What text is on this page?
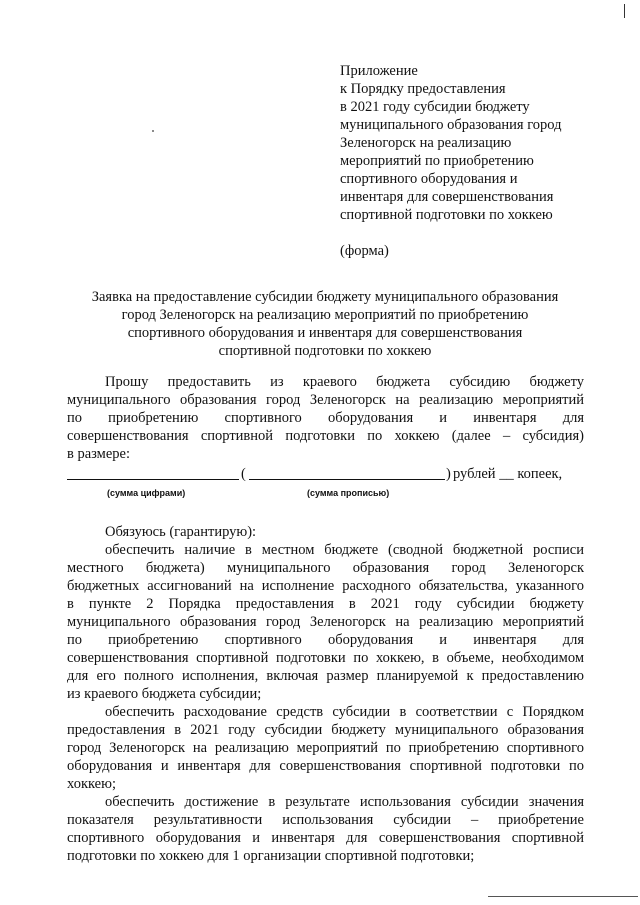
Приложение
к Порядку предоставления
в 2021 году субсидии бюджету
муниципального образования город
Зеленогорск на реализацию
мероприятий по приобретению
спортивного оборудования и
инвентаря для совершенствования
спортивной подготовки по хоккею
(форма)
Заявка на предоставление субсидии бюджету муниципального образования
город Зеленогорск на реализацию мероприятий по приобретению
спортивного оборудования и инвентаря для совершенствования
спортивной подготовки по хоккею
Прошу предоставить из краевого бюджета субсидию бюджету
муниципального образования город Зеленогорск на реализацию мероприятий
по приобретению спортивного оборудования и инвентаря для
совершенствования спортивной подготовки по хоккею (далее – субсидия)
в размере:
(	) рублей __ копеек,
(сумма цифрами)	(сумма прописью)
Обязуюсь (гарантирую):
обеспечить наличие в местном бюджете (сводной бюджетной росписи
местного бюджета) муниципального образования город Зеленогорск
бюджетных ассигнований на исполнение расходного обязательства, указанного
в пункте 2 Порядка предоставления в 2021 году субсидии бюджету
муниципального образования город Зеленогорск на реализацию мероприятий
по приобретению спортивного оборудования и инвентаря для
совершенствования спортивной подготовки по хоккею, в объеме, необходимом
для его полного исполнения, включая размер планируемой к предоставлению
из краевого бюджета субсидии;
обеспечить расходование средств субсидии в соответствии с Порядком
предоставления в 2021 году субсидии бюджету муниципального образования
город Зеленогорск на реализацию мероприятий по приобретению спортивного
оборудования и инвентаря для совершенствования спортивной подготовки по
хоккею;
обеспечить достижение в результате использования субсидии значения
показателя результативности использования субсидии – приобретение
спортивного оборудования и инвентаря для совершенствования спортивной
подготовки по хоккею для 1 организации спортивной подготовки;
